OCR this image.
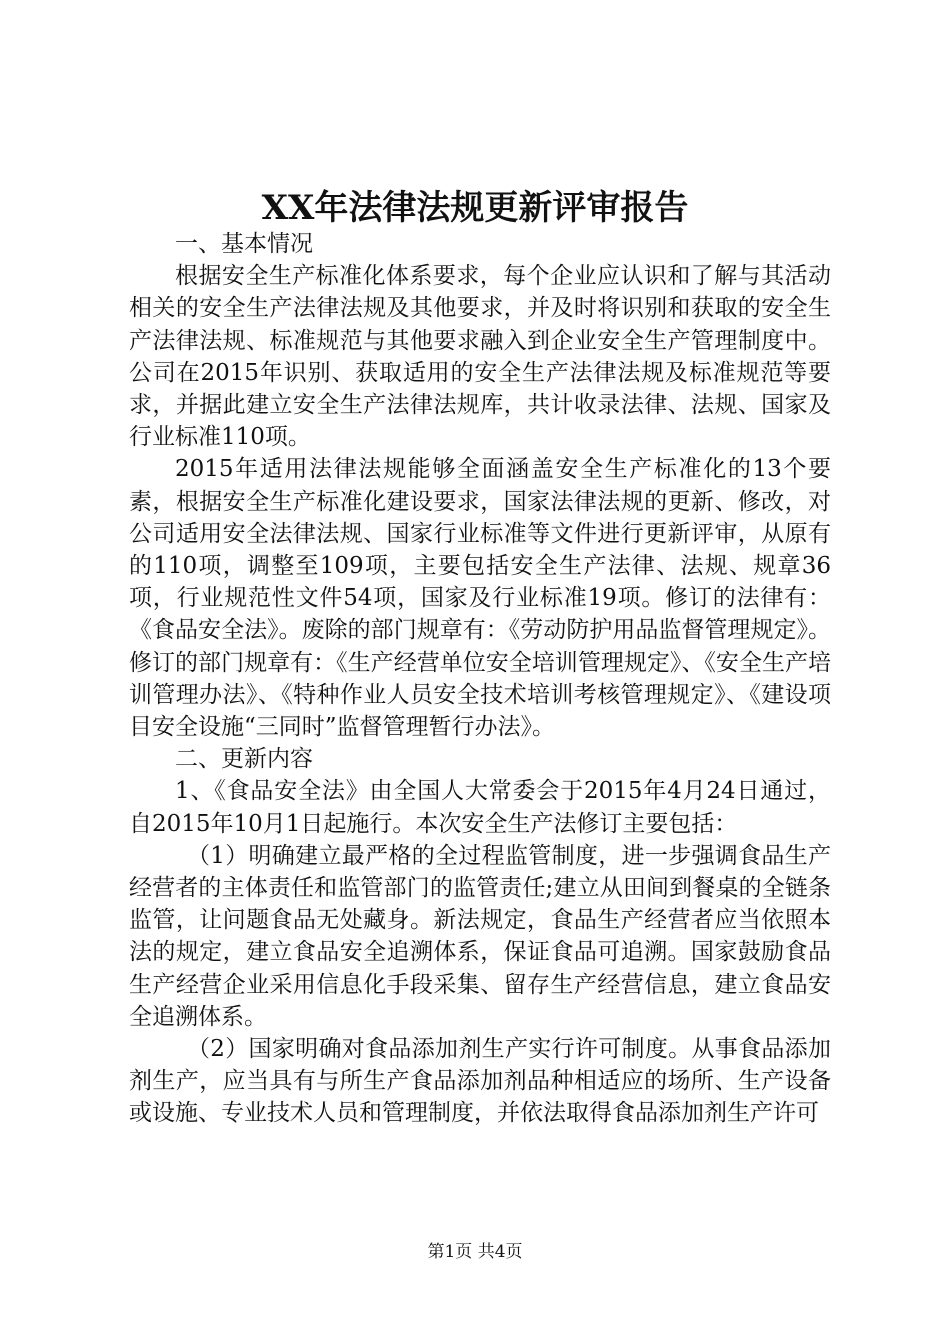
XX年法律法规更新评审报告

一、基本情况

根据安全生产标准化体系要求，每个企业应认识和了解与其活动相关的安全生产法律法规及其他要求，并及时将识别和获取的安全生产法律法规、标准规范与其他要求融入到企业安全生产管理制度中。公司在2015年识别、获取适用的安全生产法律法规及标准规范等要求，并据此建立安全生产法律法规库，共计收录法律、法规、国家及行业标准110项。

2015年适用法律法规能够全面涵盖安全生产标准化的13个要素，根据安全生产标准化建设要求，国家法律法规的更新、修改，对公司适用安全法律法规、国家行业标准等文件进行更新评审，从原有的110项，调整至109项，主要包括安全生产法律、法规、规章36项，行业规范性文件54项，国家及行业标准19项。修订的法律有：《食品安全法》。废除的部门规章有：《劳动防护用品监督管理规定》。修订的部门规章有：《生产经营单位安全培训管理规定》、《安全生产培训管理办法》、《特种作业人员安全技术培训考核管理规定》、《建设项目安全设施“三同时”监督管理暂行办法》。

二、更新内容

1、《食品安全法》由全国人大常委会于2015年4月24日通过，自2015年10月1日起施行。本次安全生产法修订主要包括：

（1）明确建立最严格的全过程监管制度，进一步强调食品生产经营者的主体责任和监管部门的监管责任;建立从田间到餐桌的全链条监管，让问题食品无处藏身。新法规定，食品生产经营者应当依照本法的规定，建立食品安全追溯体系，保证食品可追溯。国家鼓励食品生产经营企业采用信息化手段采集、留存生产经营信息，建立食品安全追溯体系。

（2）国家明确对食品添加剂生产实行许可制度。从事食品添加剂生产，应当具有与所生产食品添加剂品种相适应的场所、生产设备或设施、专业技术人员和管理制度，并依法取得食品添加剂生产许可

第1页 共4页
